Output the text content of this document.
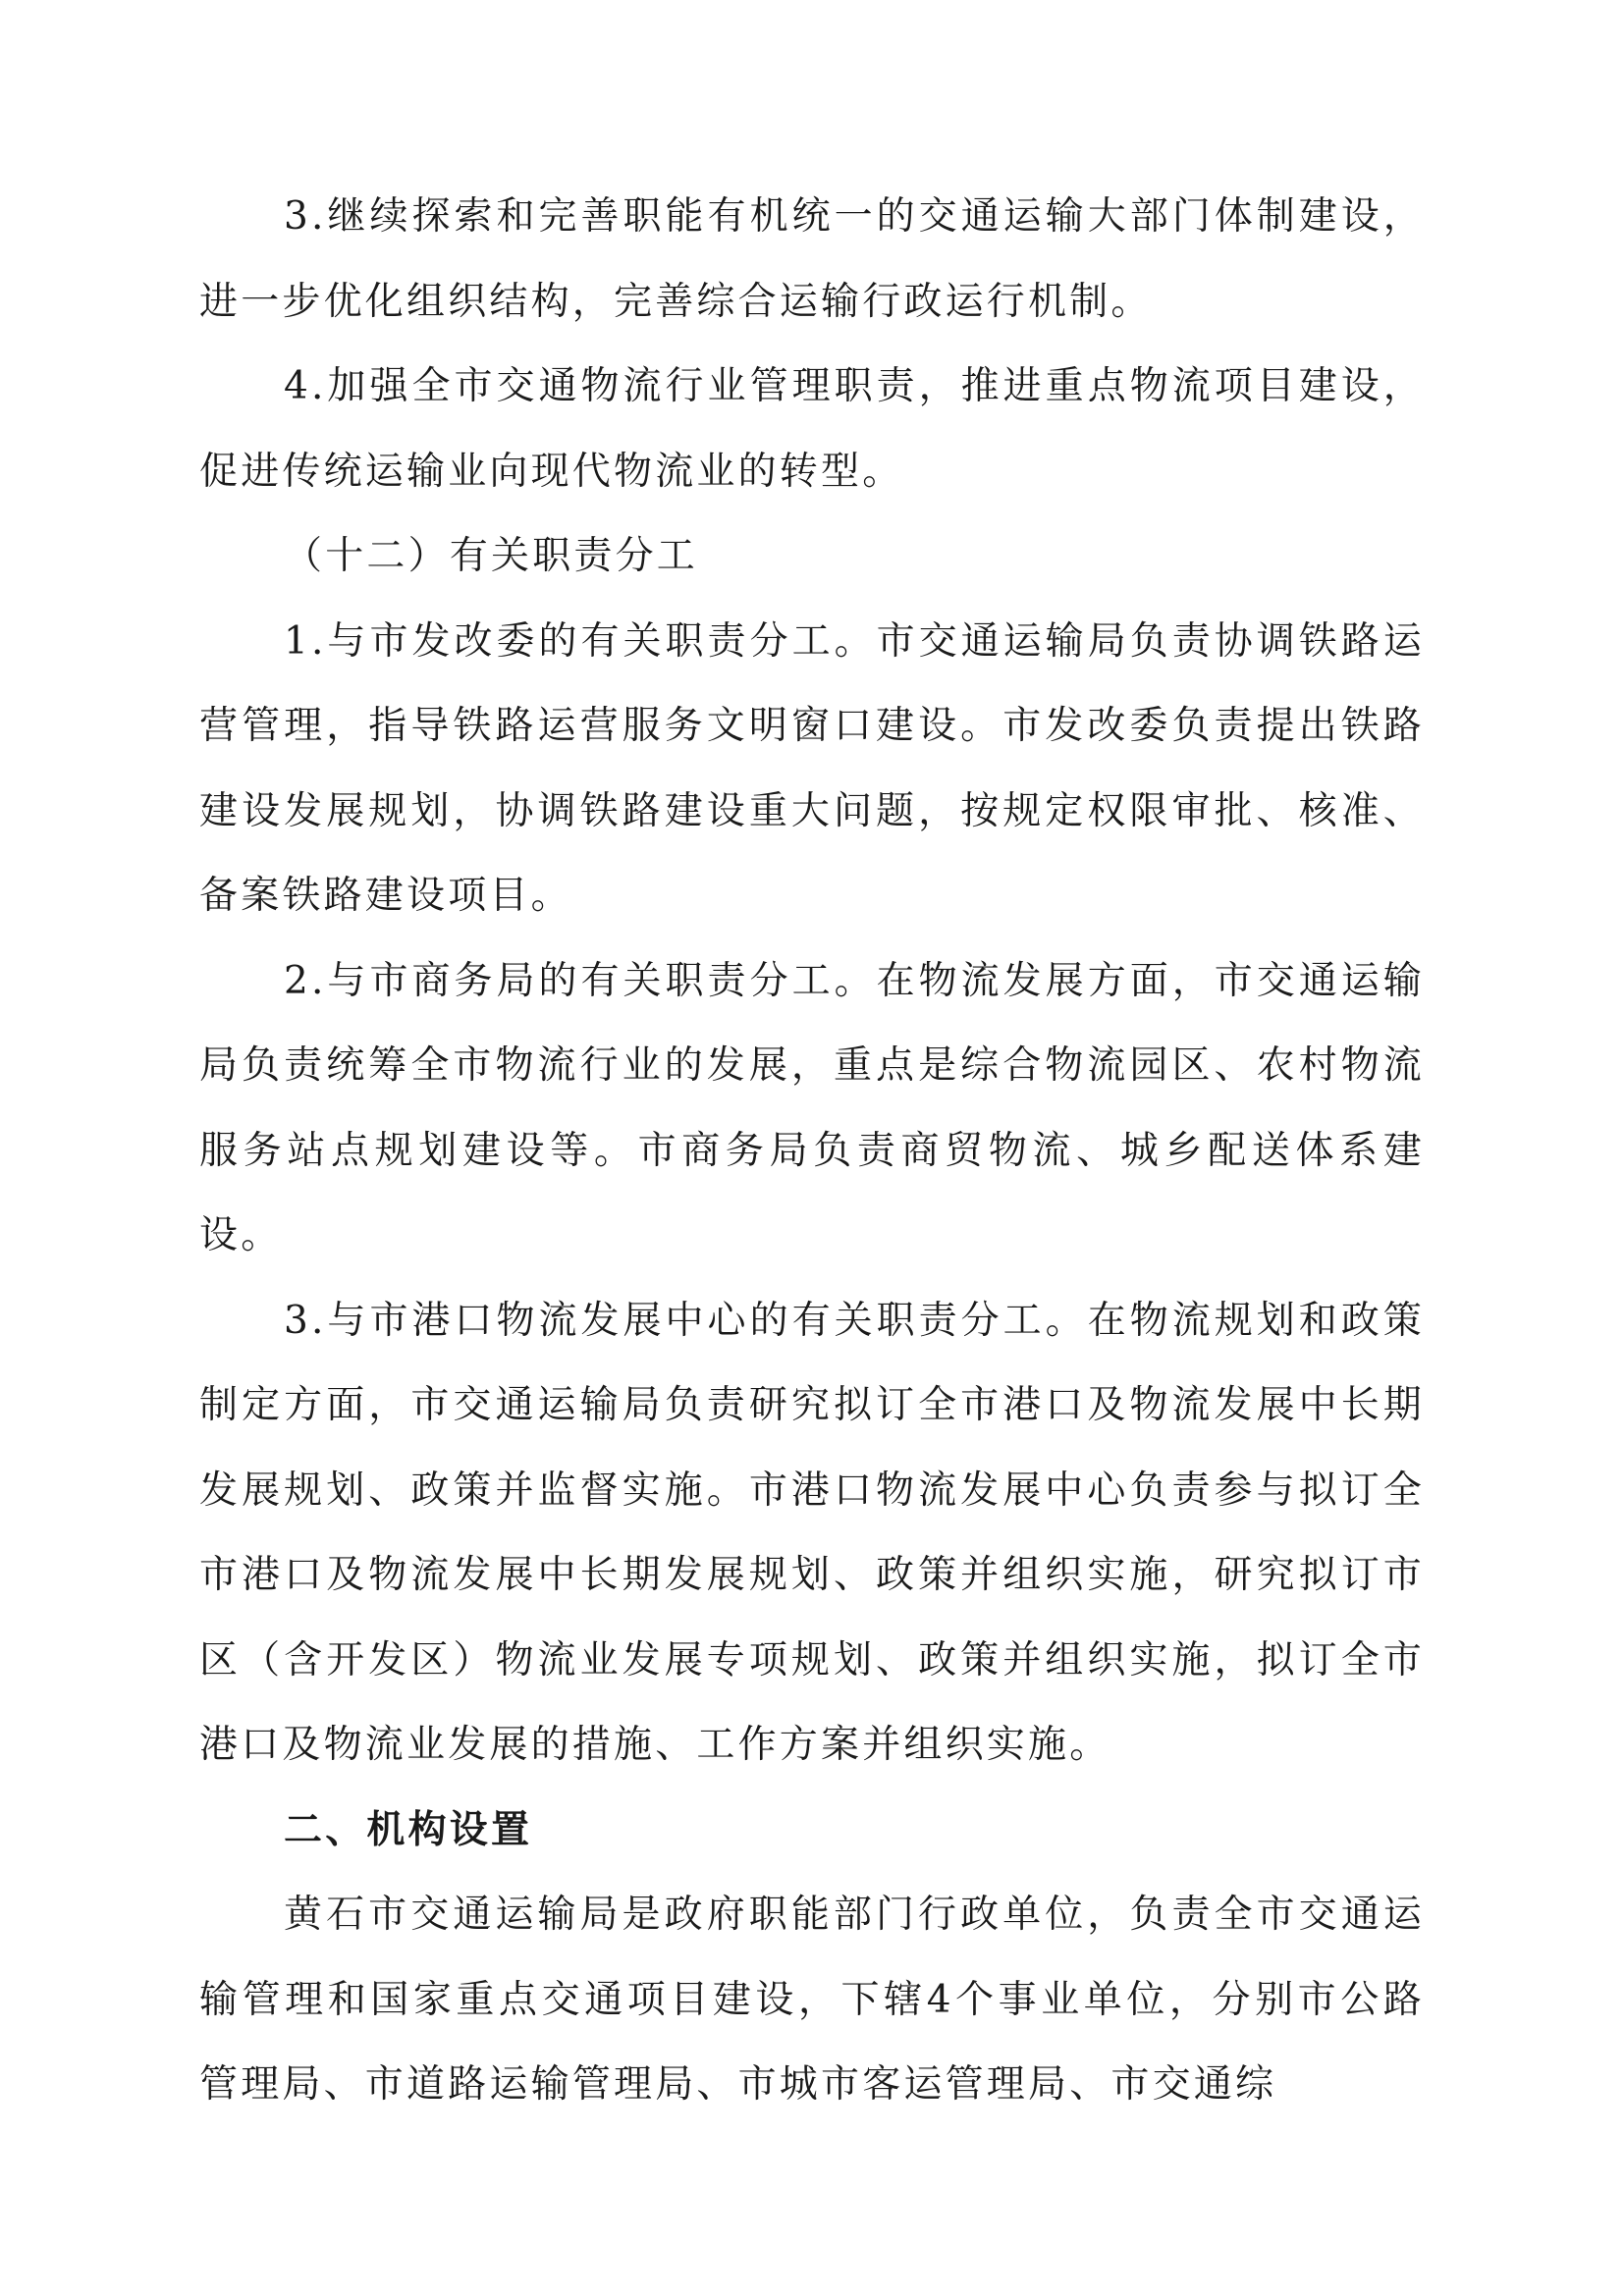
3.继续探索和完善职能有机统一的交通运输大部门体制建设，进一步优化组织结构，完善综合运输行政运行机制。

4.加强全市交通物流行业管理职责，推进重点物流项目建设，促进传统运输业向现代物流业的转型。

（十二）有关职责分工

1.与市发改委的有关职责分工。市交通运输局负责协调铁路运营管理，指导铁路运营服务文明窗口建设。市发改委负责提出铁路建设发展规划，协调铁路建设重大问题，按规定权限审批、核准、备案铁路建设项目。

2.与市商务局的有关职责分工。在物流发展方面，市交通运输局负责统筹全市物流行业的发展，重点是综合物流园区、农村物流服务站点规划建设等。市商务局负责商贸物流、城乡配送体系建设。

3.与市港口物流发展中心的有关职责分工。在物流规划和政策制定方面，市交通运输局负责研究拟订全市港口及物流发展中长期发展规划、政策并监督实施。市港口物流发展中心负责参与拟订全市港口及物流发展中长期发展规划、政策并组织实施，研究拟订市区（含开发区）物流业发展专项规划、政策并组织实施，拟订全市港口及物流业发展的措施、工作方案并组织实施。

二、机构设置

黄石市交通运输局是政府职能部门行政单位，负责全市交通运输管理和国家重点交通项目建设，下辖4个事业单位，分别市公路管理局、市道路运输管理局、市城市客运管理局、市交通综
